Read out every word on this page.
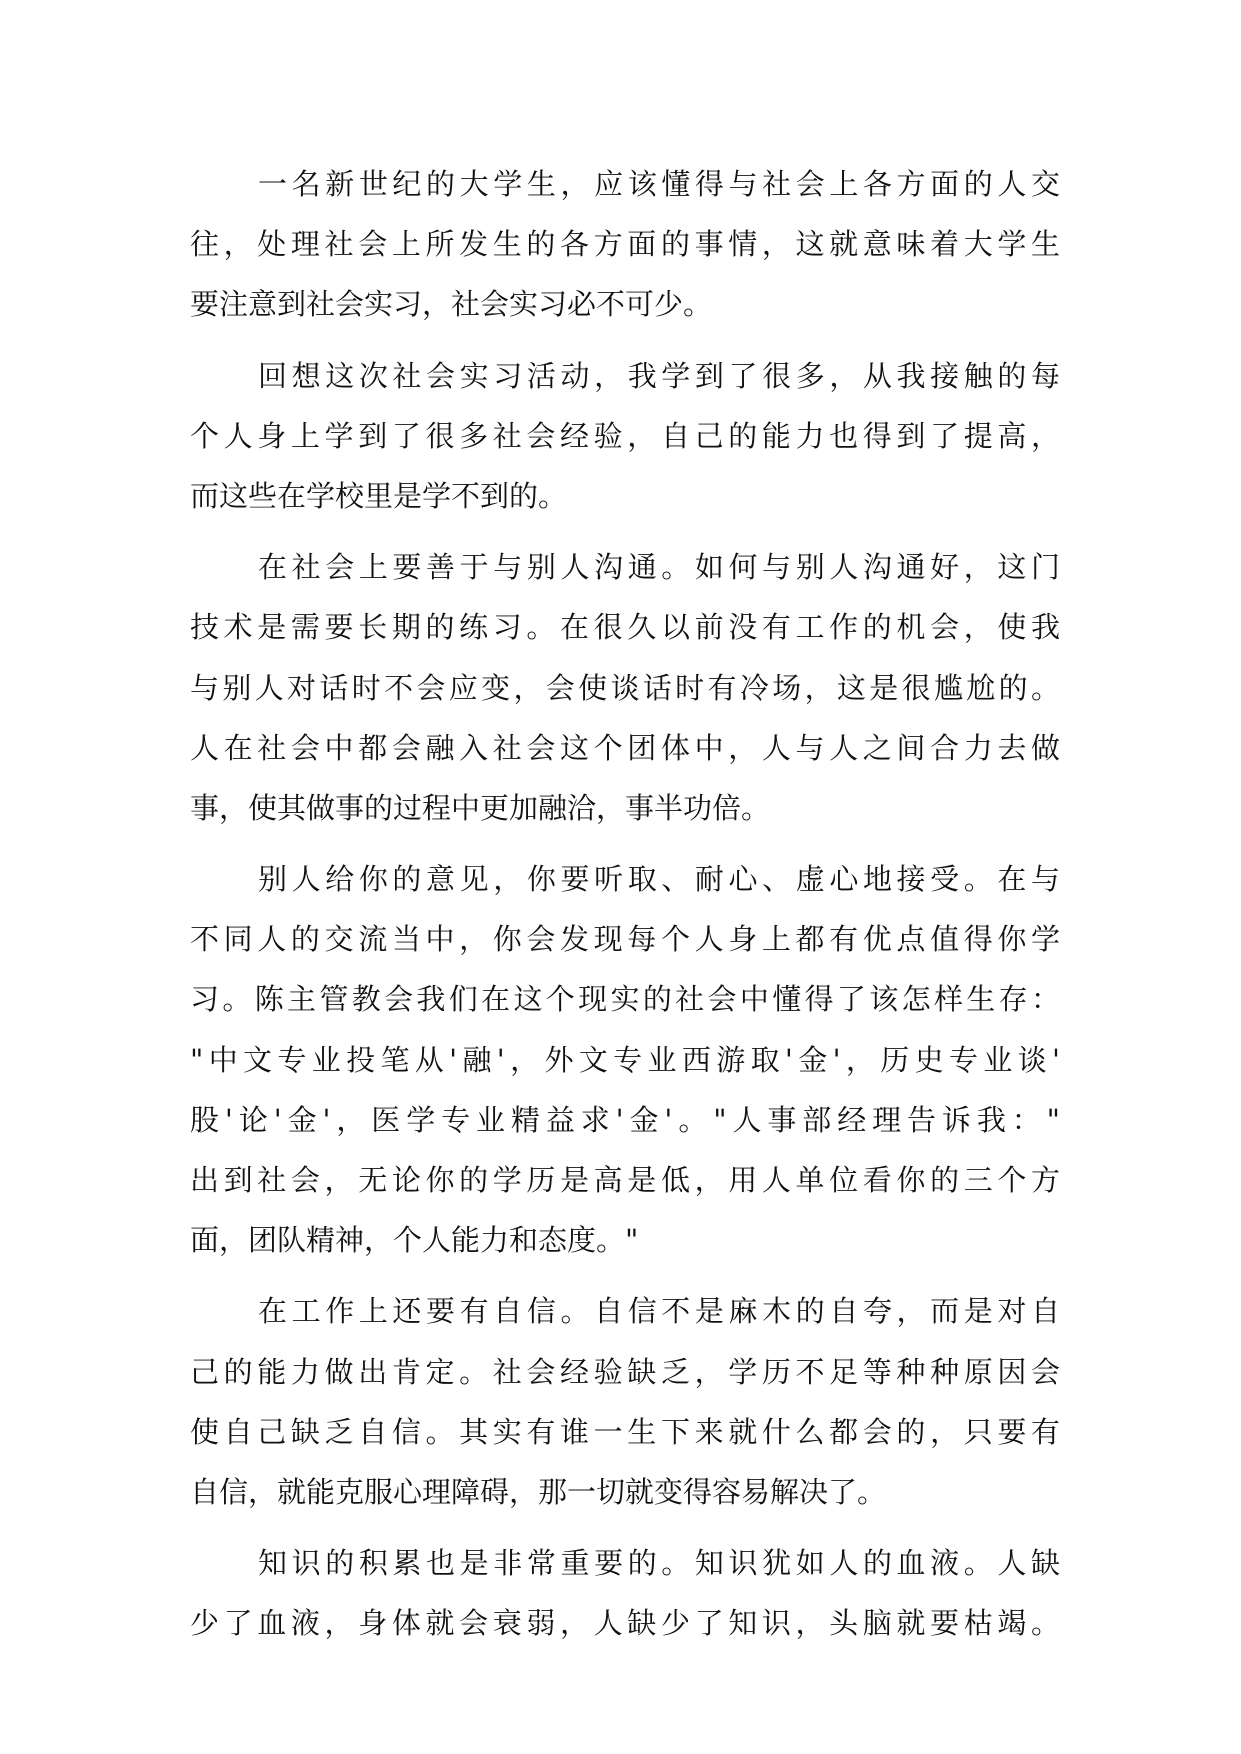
一名新世纪的大学生，应该懂得与社会上各方面的人交
往，处理社会上所发生的各方面的事情，这就意味着大学生
要注意到社会实习，社会实习必不可少。
回想这次社会实习活动，我学到了很多，从我接触的每
个人身上学到了很多社会经验，自己的能力也得到了提高，
而这些在学校里是学不到的。
在社会上要善于与别人沟通。如何与别人沟通好，这门
技术是需要长期的练习。在很久以前没有工作的机会，使我
与别人对话时不会应变，会使谈话时有冷场，这是很尴尬的。
人在社会中都会融入社会这个团体中，人与人之间合力去做
事，使其做事的过程中更加融洽，事半功倍。
别人给你的意见，你要听取、耐心、虚心地接受。在与
不同人的交流当中，你会发现每个人身上都有优点值得你学
习。陈主管教会我们在这个现实的社会中懂得了该怎样生存：
"中文专业投笔从'融'，外文专业西游取'金'，历史专业谈'
股'论'金'，医学专业精益求'金'。"人事部经理告诉我："
出到社会，无论你的学历是高是低，用人单位看你的三个方
面，团队精神，个人能力和态度。"
在工作上还要有自信。自信不是麻木的自夸，而是对自
己的能力做出肯定。社会经验缺乏，学历不足等种种原因会
使自己缺乏自信。其实有谁一生下来就什么都会的，只要有
自信，就能克服心理障碍，那一切就变得容易解决了。
知识的积累也是非常重要的。知识犹如人的血液。人缺
少了血液，身体就会衰弱，人缺少了知识，头脑就要枯竭。
